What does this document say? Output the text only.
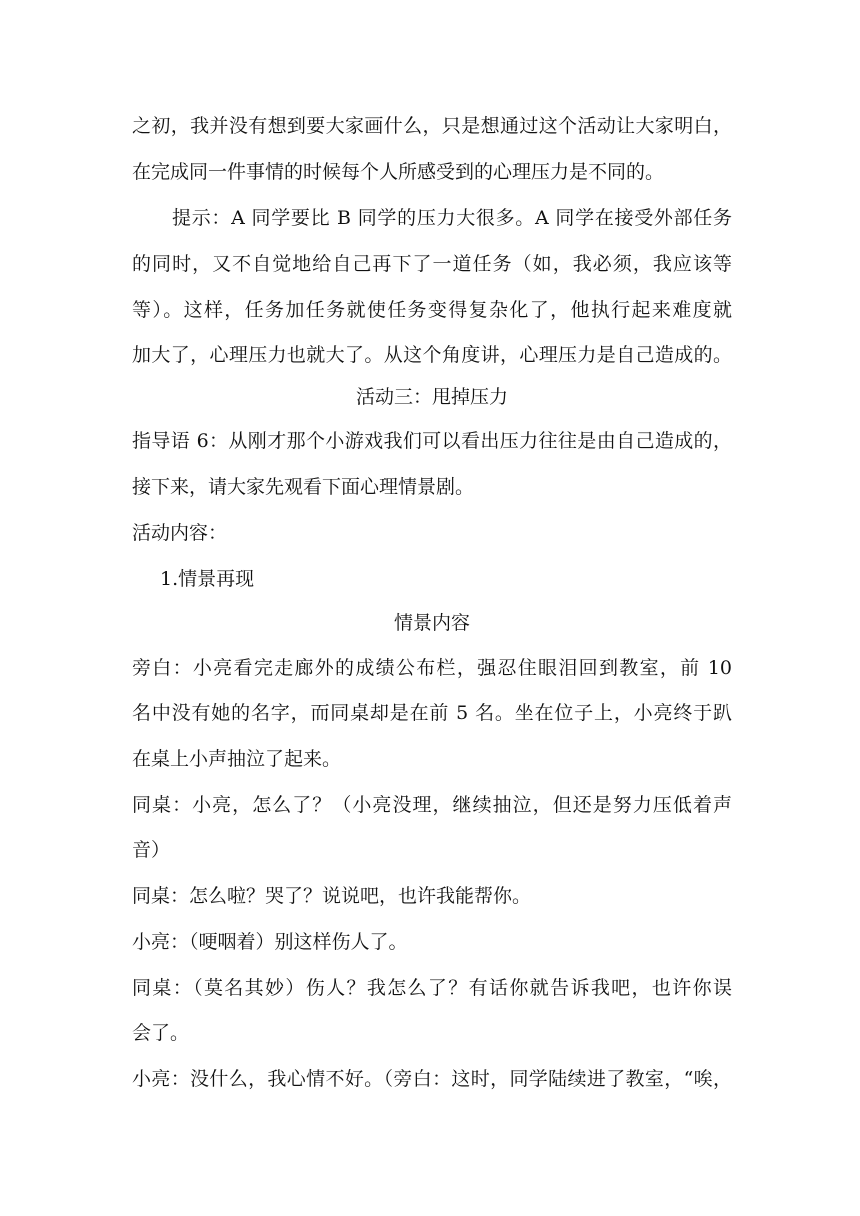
之初，我并没有想到要大家画什么，只是想通过这个活动让大家明白，
在完成同一件事情的时候每个人所感受到的心理压力是不同的。
提示：A 同学要比 B 同学的压力大很多。A 同学在接受外部任务
的同时，又不自觉地给自己再下了一道任务（如，我必须，我应该等
等）。这样，任务加任务就使任务变得复杂化了，他执行起来难度就
加大了，心理压力也就大了。从这个角度讲，心理压力是自己造成的。
活动三：甩掉压力
指导语 6：从刚才那个小游戏我们可以看出压力往往是由自己造成的，
接下来，请大家先观看下面心理情景剧。
活动内容：
1.情景再现
情景内容
旁白：小亮看完走廊外的成绩公布栏，强忍住眼泪回到教室，前 10
名中没有她的名字，而同桌却是在前 5 名。坐在位子上，小亮终于趴
在桌上小声抽泣了起来。
同桌：小亮，怎么了？（小亮没理，继续抽泣，但还是努力压低着声
音）
同桌：怎么啦？哭了？说说吧，也许我能帮你。
小亮：（哽咽着）别这样伤人了。
同桌：（莫名其妙）伤人？我怎么了？有话你就告诉我吧，也许你误
会了。
小亮：没什么，我心情不好。（旁白：这时，同学陆续进了教室，“唉，
